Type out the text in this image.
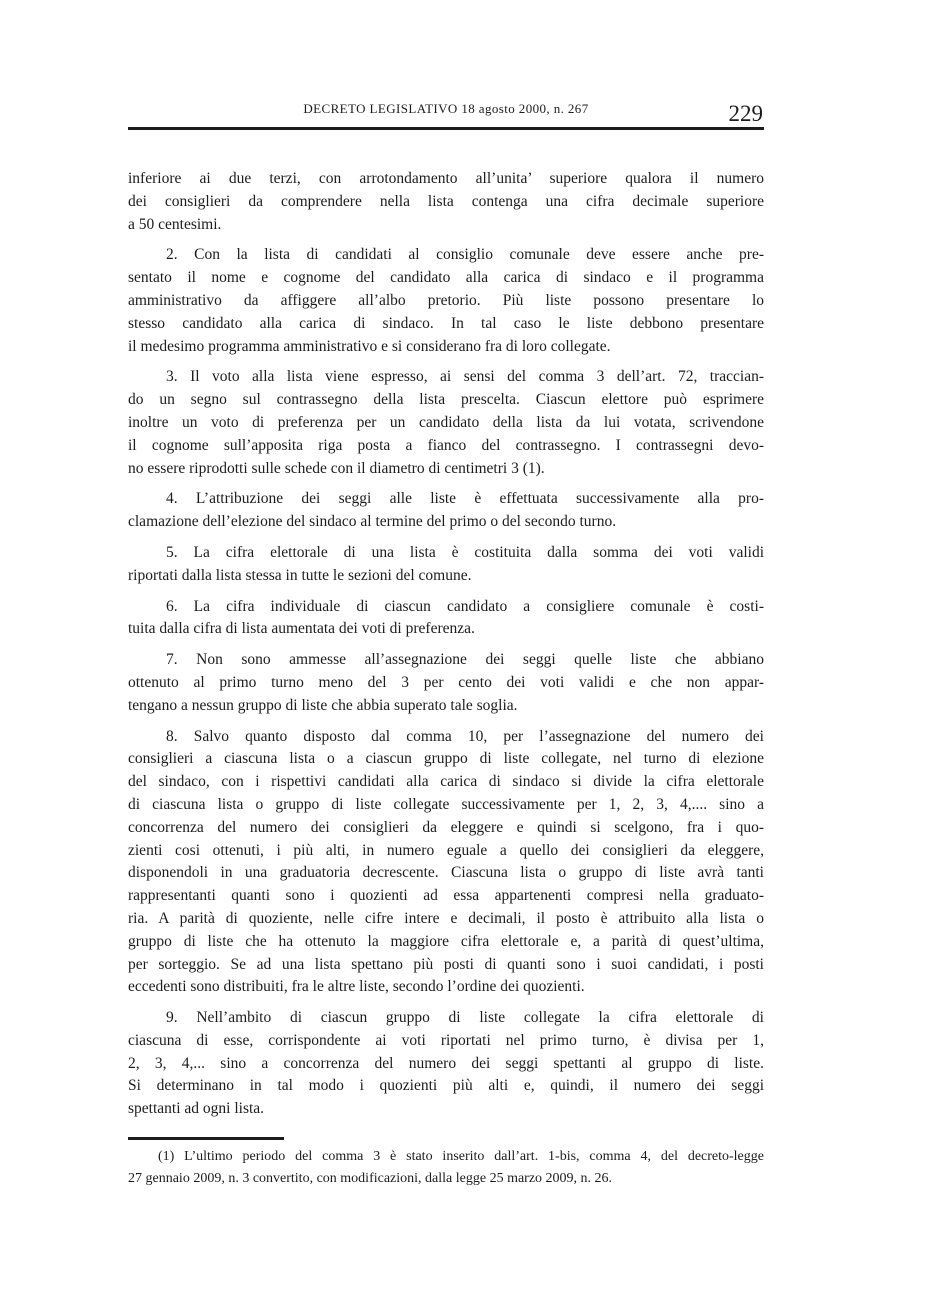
DECRETO LEGISLATIVO 18 agosto 2000, n. 267	229
inferiore ai due terzi, con arrotondamento all’unita’ superiore qualora il numero
dei consiglieri da comprendere nella lista contenga una cifra decimale superiore
a 50 centesimi.
2. Con la lista di candidati al consiglio comunale deve essere anche pre-
sentato il nome e cognome del candidato alla carica di sindaco e il programma
amministrativo da affiggere all’albo pretorio. Più liste possono presentare lo
stesso candidato alla carica di sindaco. In tal caso le liste debbono presentare
il medesimo programma amministrativo e si considerano fra di loro collegate.
3. Il voto alla lista viene espresso, ai sensi del comma 3 dell’art. 72, traccian-
do un segno sul contrassegno della lista prescelta. Ciascun elettore può esprimere
inoltre un voto di preferenza per un candidato della lista da lui votata, scrivendone
il cognome sull’apposita riga posta a fianco del contrassegno. I contrassegni devo-
no essere riprodotti sulle schede con il diametro di centimetri 3 (1).
4. L’attribuzione dei seggi alle liste è effettuata successivamente alla pro-
clamazione dell’elezione del sindaco al termine del primo o del secondo turno.
5. La cifra elettorale di una lista è costituita dalla somma dei voti validi
riportati dalla lista stessa in tutte le sezioni del comune.
6. La cifra individuale di ciascun candidato a consigliere comunale è costi-
tuita dalla cifra di lista aumentata dei voti di preferenza.
7. Non sono ammesse all’assegnazione dei seggi quelle liste che abbiano
ottenuto al primo turno meno del 3 per cento dei voti validi e che non appar-
tengano a nessun gruppo di liste che abbia superato tale soglia.
8. Salvo quanto disposto dal comma 10, per l’assegnazione del numero dei
consiglieri a ciascuna lista o a ciascun gruppo di liste collegate, nel turno di elezione
del sindaco, con i rispettivi candidati alla carica di sindaco si divide la cifra elettorale
di ciascuna lista o gruppo di liste collegate successivamente per 1, 2, 3, 4,.... sino a
concorrenza del numero dei consiglieri da eleggere e quindi si scelgono, fra i quo-
zienti cosi ottenuti, i più alti, in numero eguale a quello dei consiglieri da eleggere,
disponendoli in una graduatoria decrescente. Ciascuna lista o gruppo di liste avrà tanti
rappresentanti quanti sono i quozienti ad essa appartenenti compresi nella graduato-
ria. A parità di quoziente, nelle cifre intere e decimali, il posto è attribuito alla lista o
gruppo di liste che ha ottenuto la maggiore cifra elettorale e, a parità di quest’ultima,
per sorteggio. Se ad una lista spettano più posti di quanti sono i suoi candidati, i posti
eccedenti sono distribuiti, fra le altre liste, secondo l’ordine dei quozienti.
9. Nell’ambito di ciascun gruppo di liste collegate la cifra elettorale di
ciascuna di esse, corrispondente ai voti riportati nel primo turno, è divisa per 1,
2, 3, 4,... sino a concorrenza del numero dei seggi spettanti al gruppo di liste.
Si determinano in tal modo i quozienti più alti e, quindi, il numero dei seggi
spettanti ad ogni lista.
(1) L’ultimo periodo del comma 3 è stato inserito dall’art. 1-bis, comma 4, del decreto-legge
27 gennaio 2009, n. 3 convertito, con modificazioni, dalla legge 25 marzo 2009, n. 26.
